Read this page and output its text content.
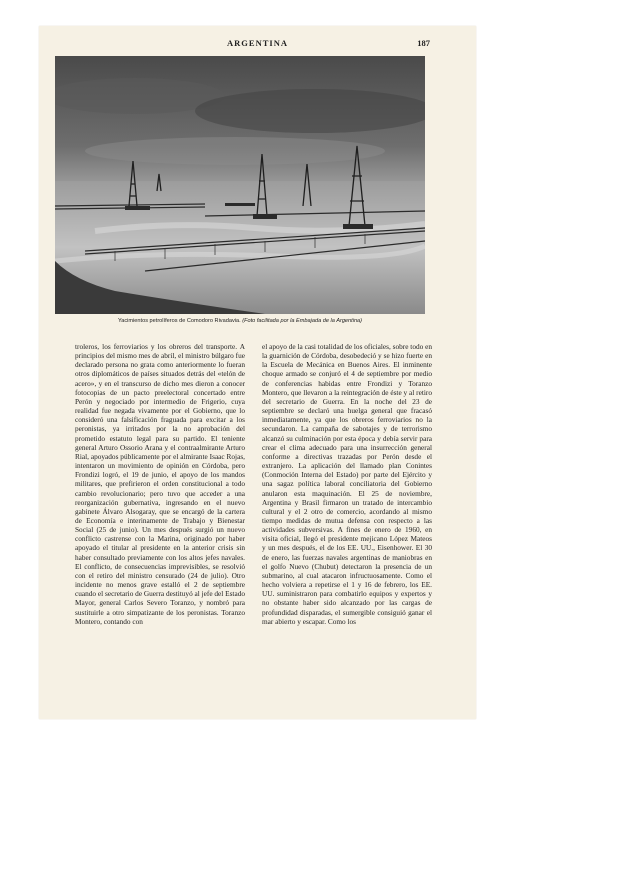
ARGENTINA	187
Yacimientos petrolíferos de Comodoro Rivadavia. (Foto facilitada por la Embajada de la Argentina)

troleros, los ferroviarios y los obreros del transporte. A principios del mismo mes de abril, el ministro búlgaro fue declarado persona no grata como anteriormente lo fueran otros diplomáticos de países situados detrás del «telón de acero», y en el transcurso de dicho mes dieron a conocer fotocopias de un pacto preelectoral concertado entre Perón y negociado por intermedio de Frigerio, cuya realidad fue negada vivamente por el Gobierno, que lo consideró una falsificación fraguada para excitar a los peronistas, ya irritados por la no aprobación del prometido estatuto legal para su partido. El teniente general Arturo Ossorio Arana y el contraalmirante Arturo Rial, apoyados públicamente por el almirante Isaac Rojas, intentaron un movimiento de opinión en Córdoba, pero Frondizi logró, el 19 de junio, el apoyo de los mandos militares, que prefirieron el orden constitucional a todo cambio revolucionario; pero tuvo que acceder a una reorganización gubernativa, ingresando en el nuevo gabinete Álvaro Alsogaray, que se encargó de la cartera de Economía e interinamente de Trabajo y Bienestar Social (25 de junio). Un mes después surgió un nuevo conflicto castrense con la Marina, originado por haber apoyado el titular al presidente en la anterior crisis sin haber consultado previamente con los altos jefes navales. El conflicto, de consecuencias imprevisibles, se resolvió con el retiro del ministro censurado (24 de julio). Otro incidente no menos grave estalló el 2 de septiembre cuando el secretario de Guerra destituyó al jefe del Estado Mayor, general Carlos Severo Toranzo, y nombró para sustituirle a otro simpatizante de los peronistas. Toranzo Montero, contando con

el apoyo de la casi totalidad de los oficiales, sobre todo en la guarnición de Córdoba, desobedeció y se hizo fuerte en la Escuela de Mecánica en Buenos Aires. El inminente choque armado se conjuró el 4 de septiembre por medio de conferencias habidas entre Frondizi y Toranzo Montero, que llevaron a la reintegración de éste y al retiro del secretario de Guerra. En la noche del 23 de septiembre se declaró una huelga general que fracasó inmediatamente, ya que los obreros ferroviarios no la secundaron. La campaña de sabotajes y de terrorismo alcanzó su culminación por esta época y debía servir para crear el clima adecuado para una insurrección general conforme a directivas trazadas por Perón desde el extranjero. La aplicación del llamado plan Conintes (Conmoción Interna del Estado) por parte del Ejército y una sagaz política laboral conciliatoria del Gobierno anularon esta maquinación. El 25 de noviembre, Argentina y Brasil firmaron un tratado de intercambio cultural y el 2 otro de comercio, acordando al mismo tiempo medidas de mutua defensa con respecto a las actividades subversivas. A fines de enero de 1960, en visita oficial, llegó el presidente mejicano López Mateos y un mes después, el de los EE. UU., Eisenhower. El 30 de enero, las fuerzas navales argentinas de maniobras en el golfo Nuevo (Chubut) detectaron la presencia de un submarino, al cual atacaron infructuosamente. Como el hecho volviera a repetirse el 1 y 16 de febrero, los EE. UU. suministraron para combatirlo equipos y expertos y no obstante haber sido alcanzado por las cargas de profundidad disparadas, el sumergible consiguió ganar el mar abierto y escapar. Como los
